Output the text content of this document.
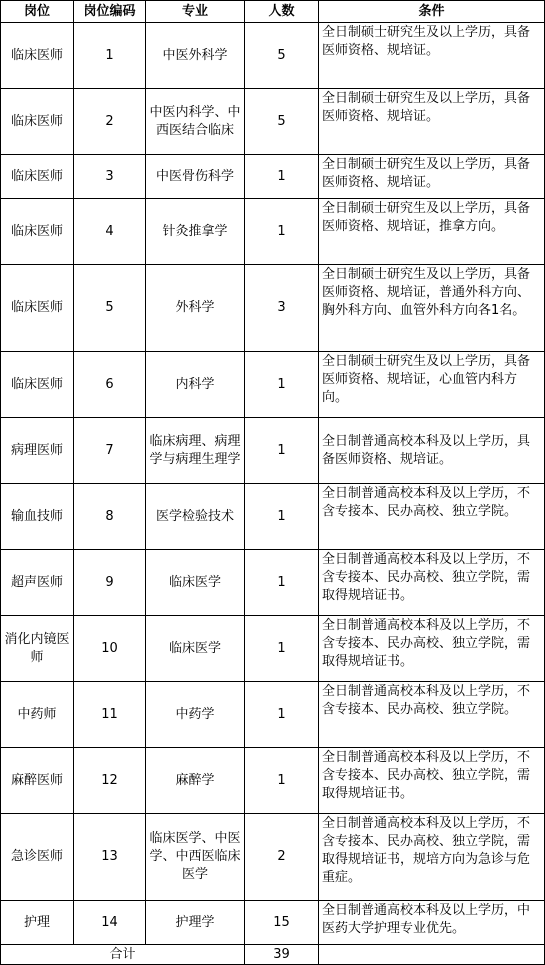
岗位	岗位编码	专业	人数	条件
临床医师	1	中医外科学	5	全日制硕士研究生及以上学历，具备医师资格、规培证。
临床医师	2	中医内科学、中西医结合临床	5	全日制硕士研究生及以上学历，具备医师资格、规培证。
临床医师	3	中医骨伤科学	1	全日制硕士研究生及以上学历，具备医师资格、规培证。
临床医师	4	针灸推拿学	1	全日制硕士研究生及以上学历，具备医师资格、规培证，推拿方向。
临床医师	5	外科学	3	全日制硕士研究生及以上学历，具备医师资格、规培证，普通外科方向、胸外科方向、血管外科方向各1名。
临床医师	6	内科学	1	全日制硕士研究生及以上学历，具备医师资格、规培证，心血管内科方向。
病理医师	7	临床病理、病理学与病理生理学	1	全日制普通高校本科及以上学历，具备医师资格、规培证。
输血技师	8	医学检验技术	1	全日制普通高校本科及以上学历，不含专接本、民办高校、独立学院。
超声医师	9	临床医学	1	全日制普通高校本科及以上学历，不含专接本、民办高校、独立学院，需取得规培证书。
消化内镜医师	10	临床医学	1	全日制普通高校本科及以上学历，不含专接本、民办高校、独立学院，需取得规培证书。
中药师	11	中药学	1	全日制普通高校本科及以上学历，不含专接本、民办高校、独立学院。
麻醉医师	12	麻醉学	1	全日制普通高校本科及以上学历，不含专接本、民办高校、独立学院，需取得规培证书。
急诊医师	13	临床医学、中医学、中西医临床医学	2	全日制普通高校本科及以上学历，不含专接本、民办高校、独立学院，需取得规培证书，规培方向为急诊与危重症。
护理	14	护理学	15	全日制普通高校本科及以上学历，中医药大学护理专业优先。
合计			39	
